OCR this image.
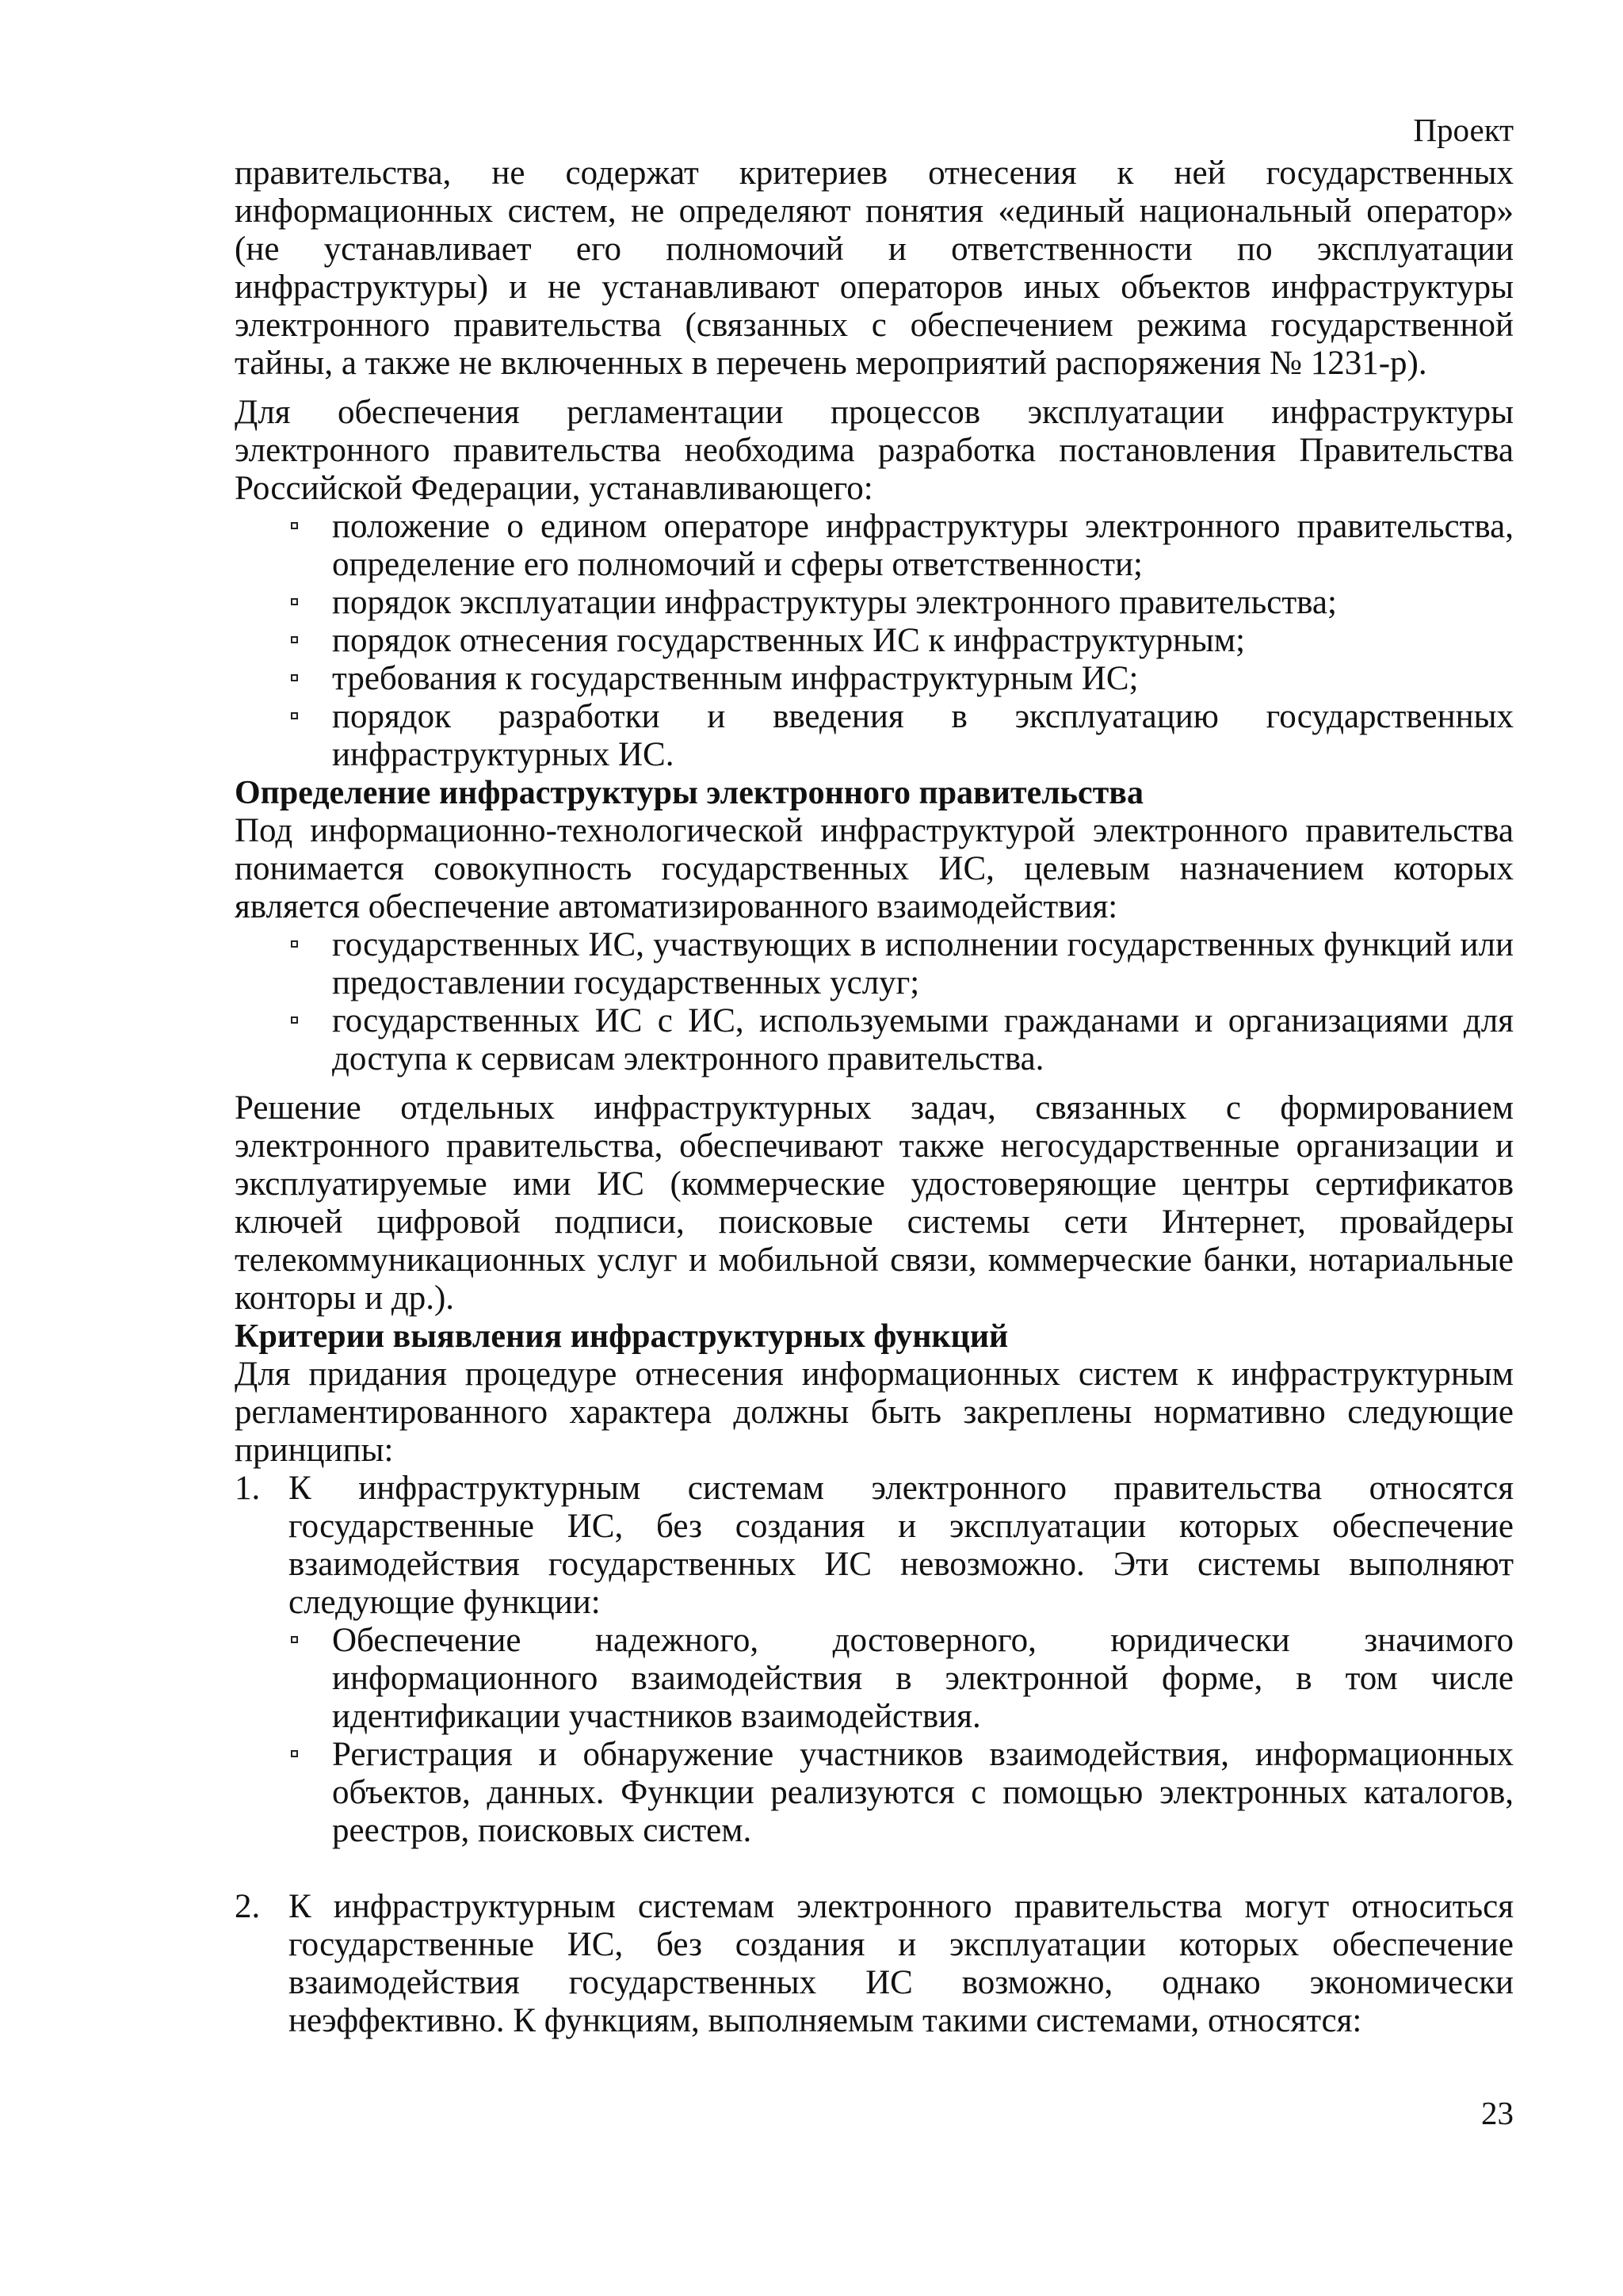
Проект

правительства, не содержат критериев отнесения к ней государственных информационных систем, не определяют понятия «единый национальный оператор» (не устанавливает его полномочий и ответственности по эксплуатации инфраструктуры) и не устанавливают операторов иных объектов инфраструктуры электронного правительства (связанных с обеспечением режима государственной тайны, а также не включенных в перечень мероприятий распоряжения № 1231-р).

Для обеспечения регламентации процессов эксплуатации инфраструктуры электронного правительства необходима разработка постановления Правительства Российской Федерации, устанавливающего:

положение о едином операторе инфраструктуры электронного правительства, определение его полномочий и сферы ответственности;
порядок эксплуатации инфраструктуры электронного правительства;
порядок отнесения государственных ИС к инфраструктурным;
требования к государственным инфраструктурным ИС;
порядок разработки и введения в эксплуатацию государственных инфраструктурных ИС.
Определение инфраструктуры электронного правительства

Под информационно-технологической инфраструктурой электронного правительства понимается совокупность государственных ИС, целевым назначением которых является обеспечение автоматизированного взаимодействия:

государственных ИС, участвующих в исполнении государственных функций или предоставлении государственных услуг;
государственных ИС с ИС, используемыми гражданами и организациями для доступа к сервисам электронного правительства.

Решение отдельных инфраструктурных задач, связанных с формированием электронного правительства, обеспечивают также негосударственные организации и эксплуатируемые ими ИС (коммерческие удостоверяющие центры сертификатов ключей цифровой подписи, поисковые системы сети Интернет, провайдеры телекоммуникационных услуг и мобильной связи, коммерческие банки, нотариальные конторы и др.).

Критерии выявления инфраструктурных функций

Для придания процедуре отнесения информационных систем к инфраструктурным регламентированного характера должны быть закреплены нормативно следующие принципы:

1. К инфраструктурным системам электронного правительства относятся государственные ИС, без создания и эксплуатации которых обеспечение взаимодействия государственных ИС невозможно. Эти системы выполняют следующие функции:

Обеспечение надежного, достоверного, юридически значимого информационного взаимодействия в электронной форме, в том числе идентификации участников взаимодействия.
Регистрация и обнаружение участников взаимодействия, информационных объектов, данных. Функции реализуются с помощью электронных каталогов, реестров, поисковых систем.
2. К инфраструктурным системам электронного правительства могут относиться государственные ИС, без создания и эксплуатации которых обеспечение взаимодействия государственных ИС возможно, однако экономически неэффективно. К функциям, выполняемым такими системами, относятся:

23
